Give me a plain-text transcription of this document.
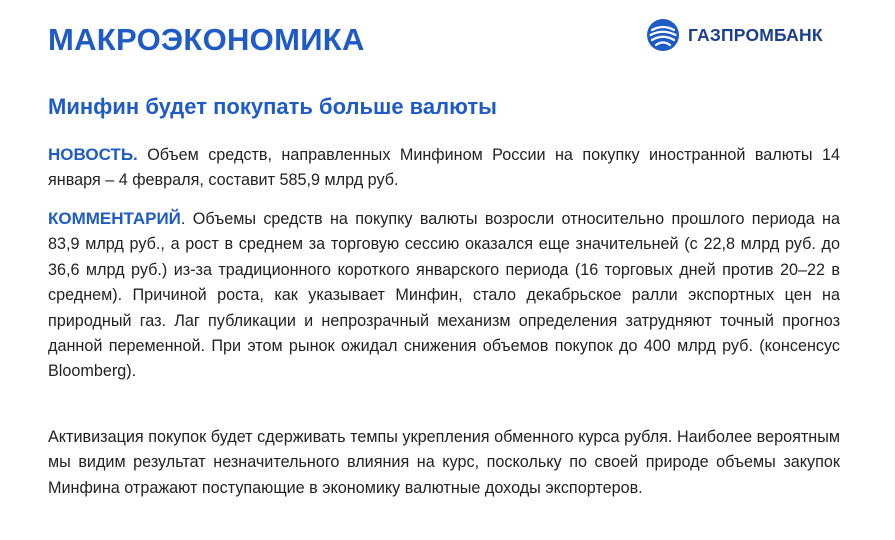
МАКРОЭКОНОМИКА	ГАЗПРОМБАНК
Минфин будет покупать больше валюты

НОВОСТЬ. Объем средств, направленных Минфином России на покупку иностранной валюты 14 января – 4 февраля, составит 585,9 млрд руб.

КОММЕНТАРИЙ. Объемы средств на покупку валюты возросли относительно прошлого периода на 83,9 млрд руб., а рост в среднем за торговую сессию оказался еще значительней (с 22,8 млрд руб. до 36,6 млрд руб.) из-за традиционного короткого январского периода (16 торговых дней против 20–22 в среднем). Причиной роста, как указывает Минфин, стало декабрьское ралли экспортных цен на природный газ. Лаг публикации и непрозрачный механизм определения затрудняют точный прогноз данной переменной. При этом рынок ожидал снижения объемов покупок до 400 млрд руб. (консенсус Bloomberg).

Активизация покупок будет сдерживать темпы укрепления обменного курса рубля. Наиболее вероятным мы видим результат незначительного влияния на курс, поскольку по своей природе объемы закупок Минфина отражают поступающие в экономику валютные доходы экспортеров.
